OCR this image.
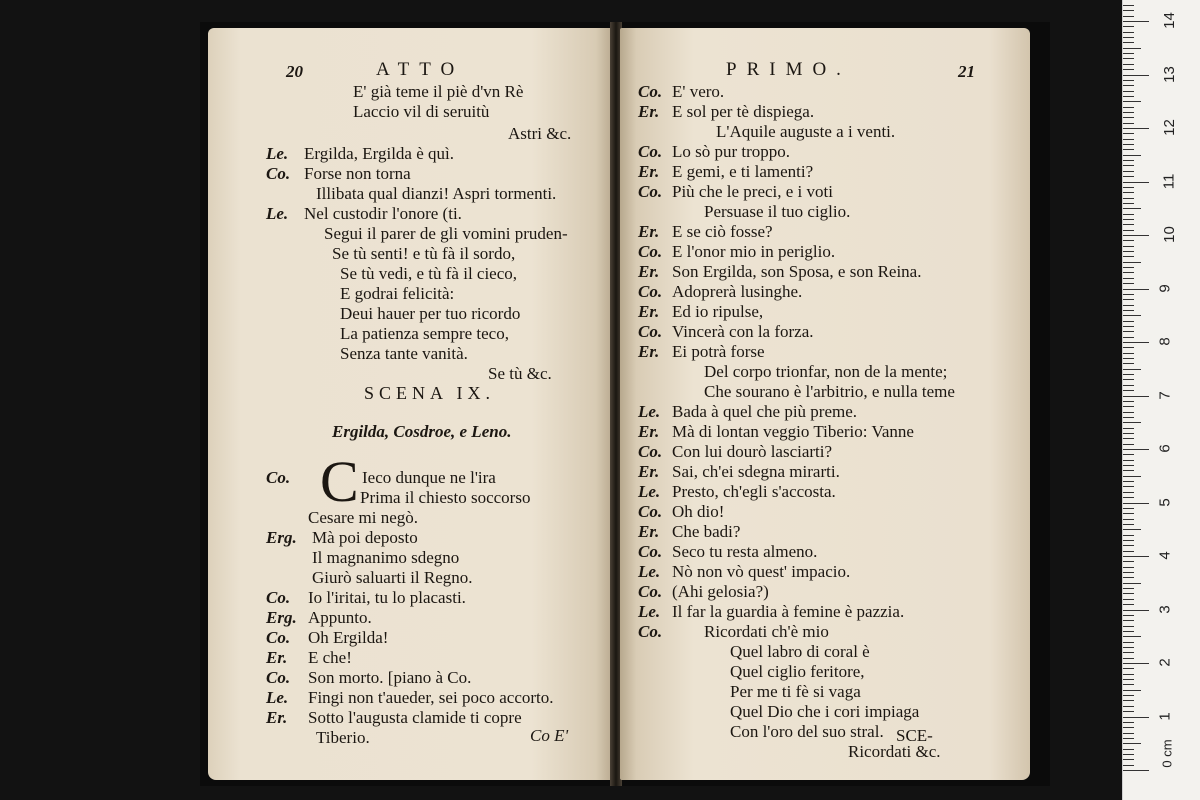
20	ATTO
SCENA IX.
Ergilda, Cosdroe, e Leno.
C
Co E'
E' già teme il piè d'vn Rè
Laccio vil di seruitù
Astri &c.
Le. Ergilda, Ergilda è quì.
Co. Forse non torna
Illibata qual dianzi! Aspri tormenti.
Le. Nel custodir l'onore (ti.
Segui il parer de gli vomini pruden-
Se tù senti! e tù fà il sordo,
Se tù vedi, e tù fà il cieco,
E godrai felicità:
Deui hauer per tuo ricordo
La patienza sempre teco,
Senza tante vanità.
Se tù &c.
Co.	Ieco dunque ne l'ira
Prima il chiesto soccorso
Cesare mi negò.
Erg. Mà poi deposto
Il magnanimo sdegno
Giurò saluarti il Regno.
Co. Io l'iritai, tu lo placasti.
Erg. Appunto.
Co. Oh Ergilda!
Er. E che!
Co. Son morto. [piano à Co.
Le. Fingi non t'aueder, sei poco accorto.
Er. Sotto l'augusta clamide ti copre
Tiberio.
PRIMO.	21
SCE-
Co. E' vero.
Er. E sol per tè dispiega.
L'Aquile auguste a i venti.
Co. Lo sò pur troppo.
Er. E gemi, e ti lamenti?
Co. Più che le preci, e i voti
Persuase il tuo ciglio.
Er. E se ciò fosse?
Co. E l'onor mio in periglio.
Er. Son Ergilda, son Sposa, e son Reina.
Co. Adoprerà lusinghe.
Er. Ed io ripulse,
Co. Vincerà con la forza.
Er. Ei potrà forse
Del corpo trionfar, non de la mente;
Che sourano è l'arbitrio, e nulla teme
Le. Bada à quel che più preme.
Er. Mà di lontan veggio Tiberio: Vanne
Co. Con lui dourò lasciarti?
Er. Sai, ch'ei sdegna mirarti.
Le. Presto, ch'egli s'accosta.
Co. Oh dio!
Er. Che badi?
Co. Seco tu resta almeno.
Le. Nò non vò quest' impacio.
Co. (Ahi gelosia?)
Le. Il far la guardia à femine è pazzia.
Co. Ricordati ch'è mio
Quel labro di coral è
Quel ciglio feritore,
Per me ti fè si vaga
Quel Dio che i cori impiaga
Con l'oro del suo stral.
Ricordati &c.	0 cm
1
2
3
4
5
6
7
8
9
10
11
12
13
14
